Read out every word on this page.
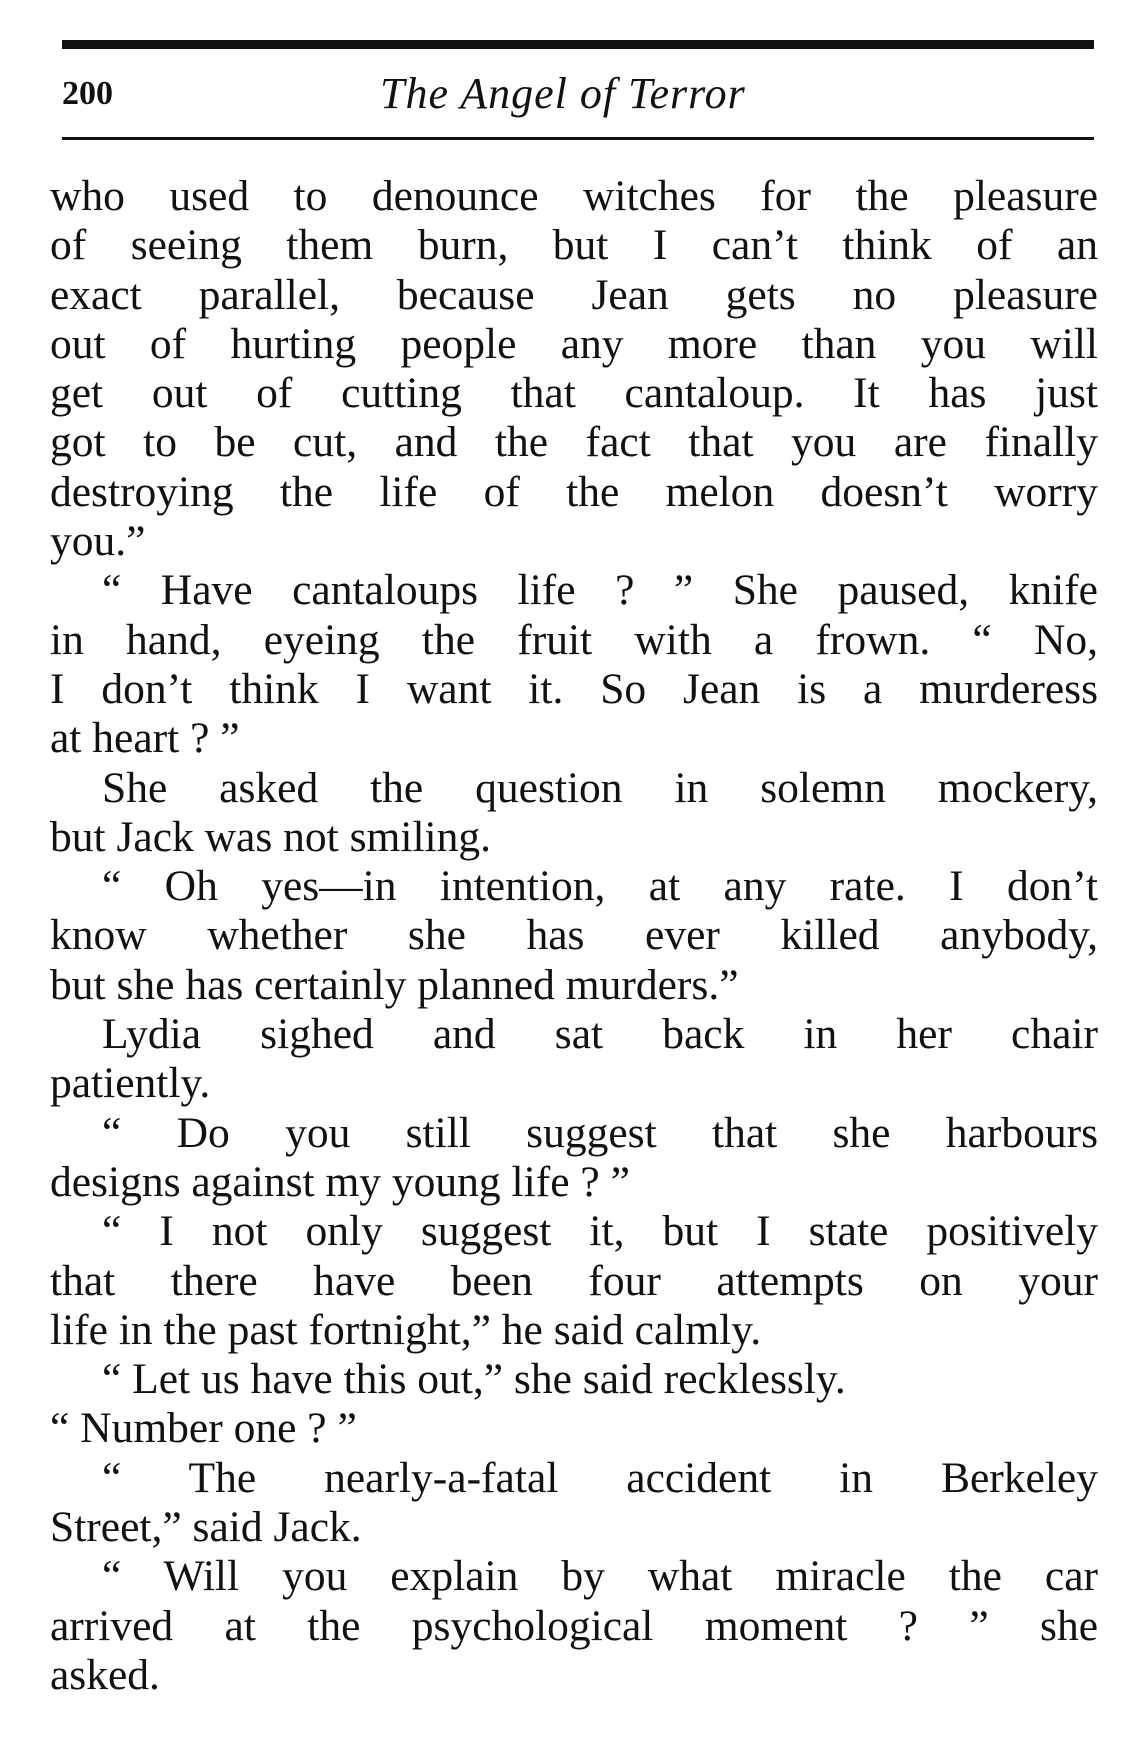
200	The Angel of Terror
who used to denounce witches for the pleasure
of seeing them burn, but I can’t think of an
exact parallel, because Jean gets no pleasure
out of hurting people any more than you will
get out of cutting that cantaloup. It has just
got to be cut, and the fact that you are finally
destroying the life of the melon doesn’t worry
you.”
“ Have cantaloups life ? ” She paused, knife
in hand, eyeing the fruit with a frown. “ No,
I don’t think I want it. So Jean is a murderess
at heart ? ”
She asked the question in solemn mockery,
but Jack was not smiling.
“ Oh yes—in intention, at any rate. I don’t
know whether she has ever killed anybody,
but she has certainly planned murders.”
Lydia sighed and sat back in her chair
patiently.
“ Do you still suggest that she harbours
designs against my young life ? ”
“ I not only suggest it, but I state positively
that there have been four attempts on your
life in the past fortnight,” he said calmly.
“ Let us have this out,” she said recklessly.
“ Number one ? ”
“ The nearly-a-fatal accident in Berkeley
Street,” said Jack.
“ Will you explain by what miracle the car
arrived at the psychological moment ? ” she
asked.
